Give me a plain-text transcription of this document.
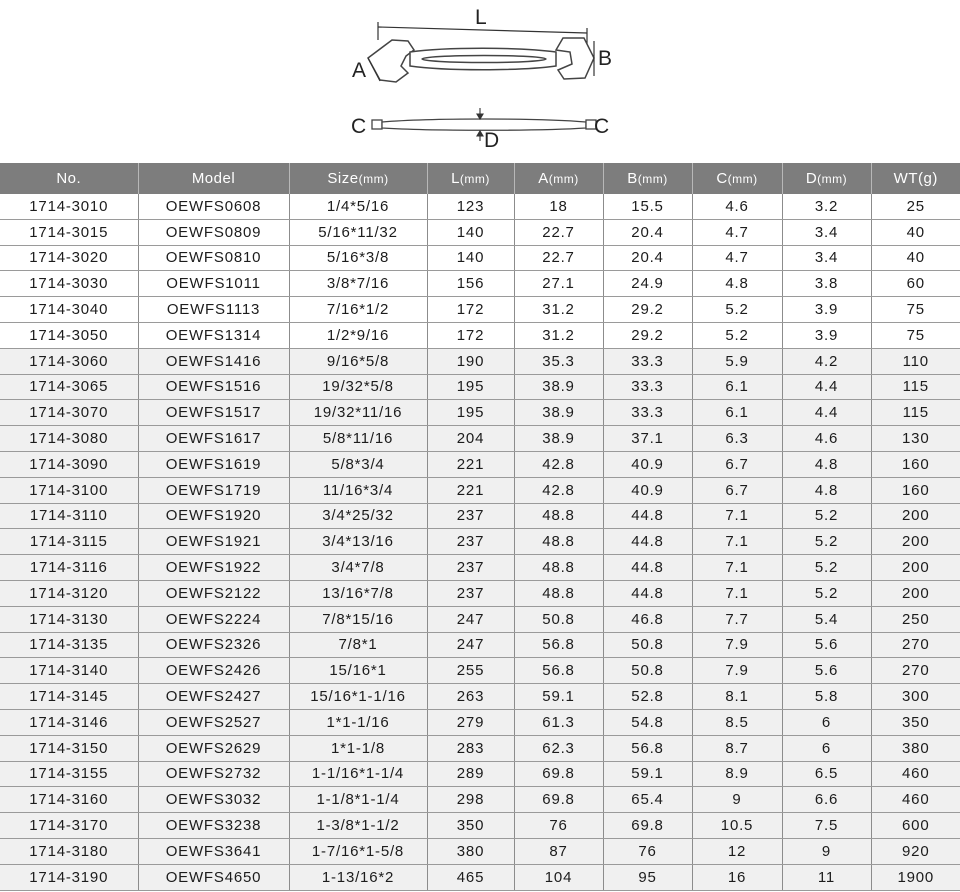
L
A
B
C	C
D
No.	Model	Size(mm)	L(mm)	A(mm)	B(mm)	C(mm)	D(mm)	WT(g)
1714-3010	OEWFS0608	1/4*5/16	123	18	15.5	4.6	3.2	25
1714-3015	OEWFS0809	5/16*11/32	140	22.7	20.4	4.7	3.4	40
1714-3020	OEWFS0810	5/16*3/8	140	22.7	20.4	4.7	3.4	40
1714-3030	OEWFS1011	3/8*7/16	156	27.1	24.9	4.8	3.8	60
1714-3040	OEWFS1113	7/16*1/2	172	31.2	29.2	5.2	3.9	75
1714-3050	OEWFS1314	1/2*9/16	172	31.2	29.2	5.2	3.9	75
1714-3060	OEWFS1416	9/16*5/8	190	35.3	33.3	5.9	4.2	110
1714-3065	OEWFS1516	19/32*5/8	195	38.9	33.3	6.1	4.4	115
1714-3070	OEWFS1517	19/32*11/16	195	38.9	33.3	6.1	4.4	115
1714-3080	OEWFS1617	5/8*11/16	204	38.9	37.1	6.3	4.6	130
1714-3090	OEWFS1619	5/8*3/4	221	42.8	40.9	6.7	4.8	160
1714-3100	OEWFS1719	11/16*3/4	221	42.8	40.9	6.7	4.8	160
1714-3110	OEWFS1920	3/4*25/32	237	48.8	44.8	7.1	5.2	200
1714-3115	OEWFS1921	3/4*13/16	237	48.8	44.8	7.1	5.2	200
1714-3116	OEWFS1922	3/4*7/8	237	48.8	44.8	7.1	5.2	200
1714-3120	OEWFS2122	13/16*7/8	237	48.8	44.8	7.1	5.2	200
1714-3130	OEWFS2224	7/8*15/16	247	50.8	46.8	7.7	5.4	250
1714-3135	OEWFS2326	7/8*1	247	56.8	50.8	7.9	5.6	270
1714-3140	OEWFS2426	15/16*1	255	56.8	50.8	7.9	5.6	270
1714-3145	OEWFS2427	15/16*1-1/16	263	59.1	52.8	8.1	5.8	300
1714-3146	OEWFS2527	1*1-1/16	279	61.3	54.8	8.5	6	350
1714-3150	OEWFS2629	1*1-1/8	283	62.3	56.8	8.7	6	380
1714-3155	OEWFS2732	1-1/16*1-1/4	289	69.8	59.1	8.9	6.5	460
1714-3160	OEWFS3032	1-1/8*1-1/4	298	69.8	65.4	9	6.6	460
1714-3170	OEWFS3238	1-3/8*1-1/2	350	76	69.8	10.5	7.5	600
1714-3180	OEWFS3641	1-7/16*1-5/8	380	87	76	12	9	920
1714-3190	OEWFS4650	1-13/16*2	465	104	95	16	11	1900
